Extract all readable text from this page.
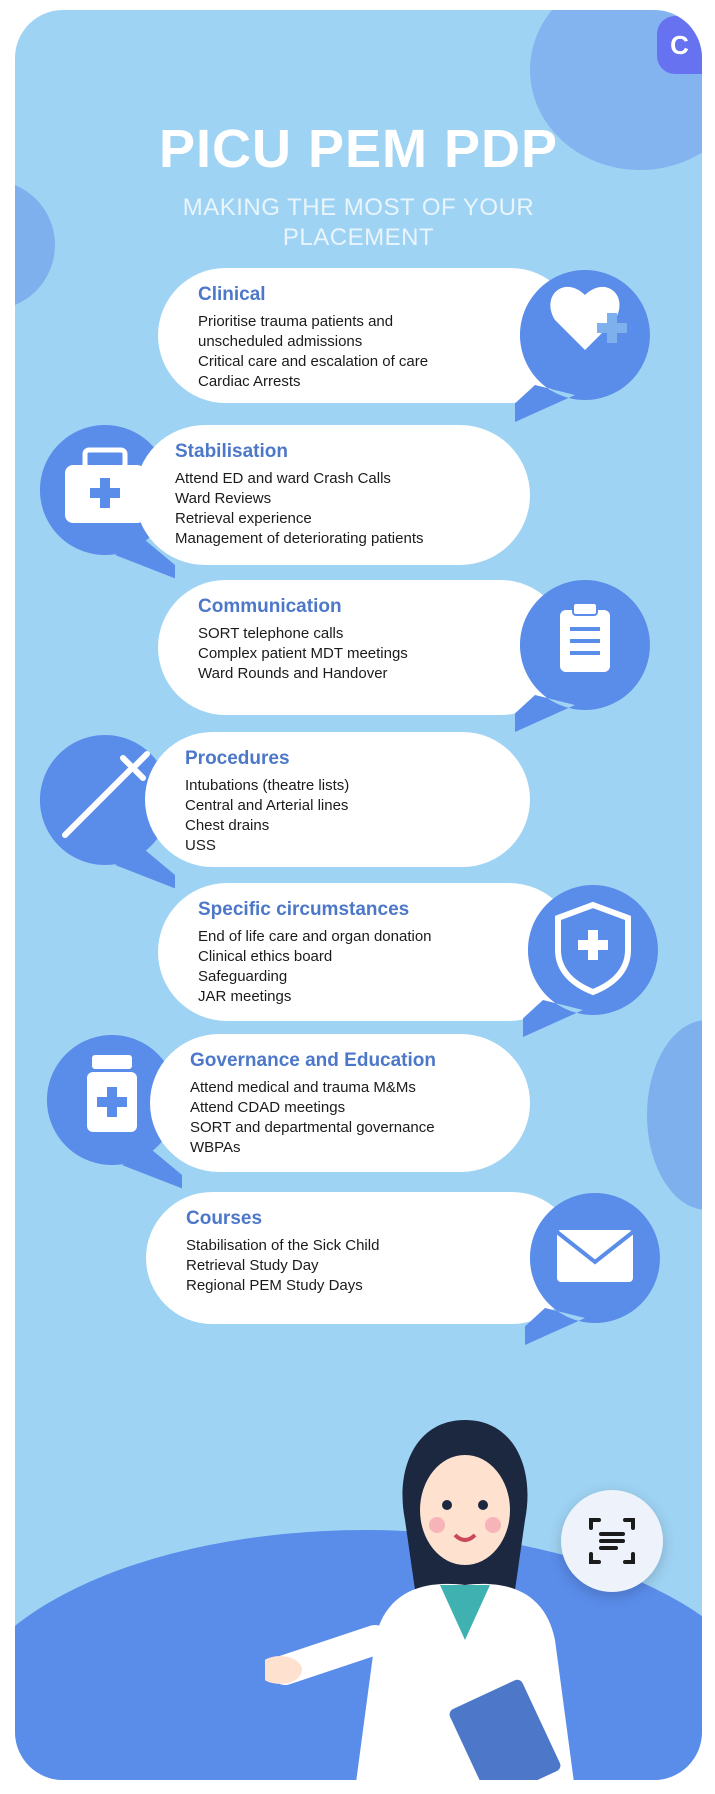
C
PICU PEM PDP
MAKING THE MOST OF YOUR PLACEMENT
Clinical
Prioritise trauma patients and
unscheduled admissions
Critical care and escalation of care
Cardiac Arrests
Stabilisation
Attend ED and ward Crash Calls
Ward Reviews
Retrieval experience
Management of deteriorating patients
Communication
SORT telephone calls
Complex patient MDT meetings
Ward Rounds and Handover
Procedures
Intubations (theatre lists)
Central and Arterial lines
Chest drains
USS
Specific circumstances
End of life care and organ donation
Clinical ethics board
Safeguarding
JAR meetings
Governance and Education
Attend medical and trauma M&Ms
Attend CDAD meetings
SORT and departmental governance
WBPAs
Courses
Stabilisation of the Sick Child
Retrieval Study Day
Regional PEM Study Days
